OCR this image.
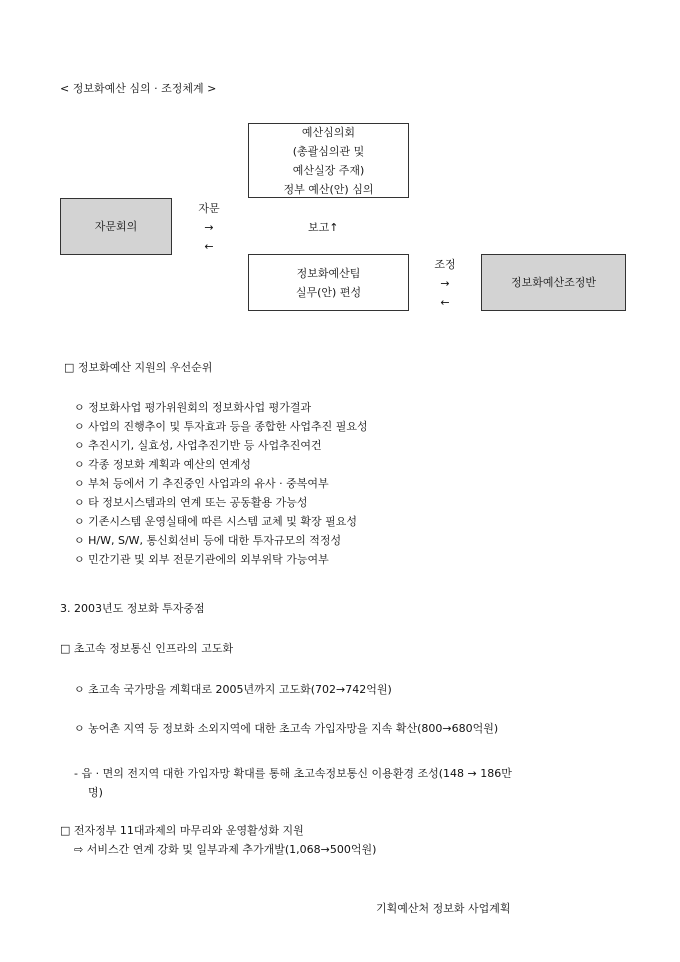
< 정보화예산 심의 · 조정체계 >
예산심의회
(총괄심의관 및
예산실장 주재)
정부 예산(안) 심의
자문회의
자문
→
←
보고↑
정보화예산팀
실무(안) 편성
조정
→
←
정보화예산조정반
□ 정보화예산 지원의 우선순위
ㅇ 정보화사업 평가위원회의 정보화사업 평가결과
ㅇ 사업의 진행추이 및 투자효과 등을 종합한 사업추진 필요성
ㅇ 추진시기, 실효성, 사업추진기반 등 사업추진여건
ㅇ 각종 정보화 계획과 예산의 연계성
ㅇ 부처 등에서 기 추진중인 사업과의 유사 · 중복여부
ㅇ 타 정보시스템과의 연계 또는 공동활용 가능성
ㅇ 기존시스템 운영실태에 따른 시스템 교체 및 확장 필요성
ㅇ H/W, S/W, 통신회선비 등에 대한 투자규모의 적정성
ㅇ 민간기관 및 외부 전문기관에의 외부위탁 가능여부
3. 2003년도 정보화 투자중점
□ 초고속 정보통신 인프라의 고도화
ㅇ 초고속 국가망을 계획대로 2005년까지 고도화(702→742억원)
ㅇ 농어촌 지역 등 정보화 소외지역에 대한 초고속 가입자망을 지속 확산(800→680억원)
- 읍 · 면의 전지역 대한 가입자망 확대를 통해 초고속정보통신 이용환경 조성(148 → 186만
명)
□ 전자정부 11대과제의 마무리와 운영활성화 지원
⇨ 서비스간 연계 강화 및 일부과제 추가개발(1,068→500억원)
기획예산처 정보화 사업계획
